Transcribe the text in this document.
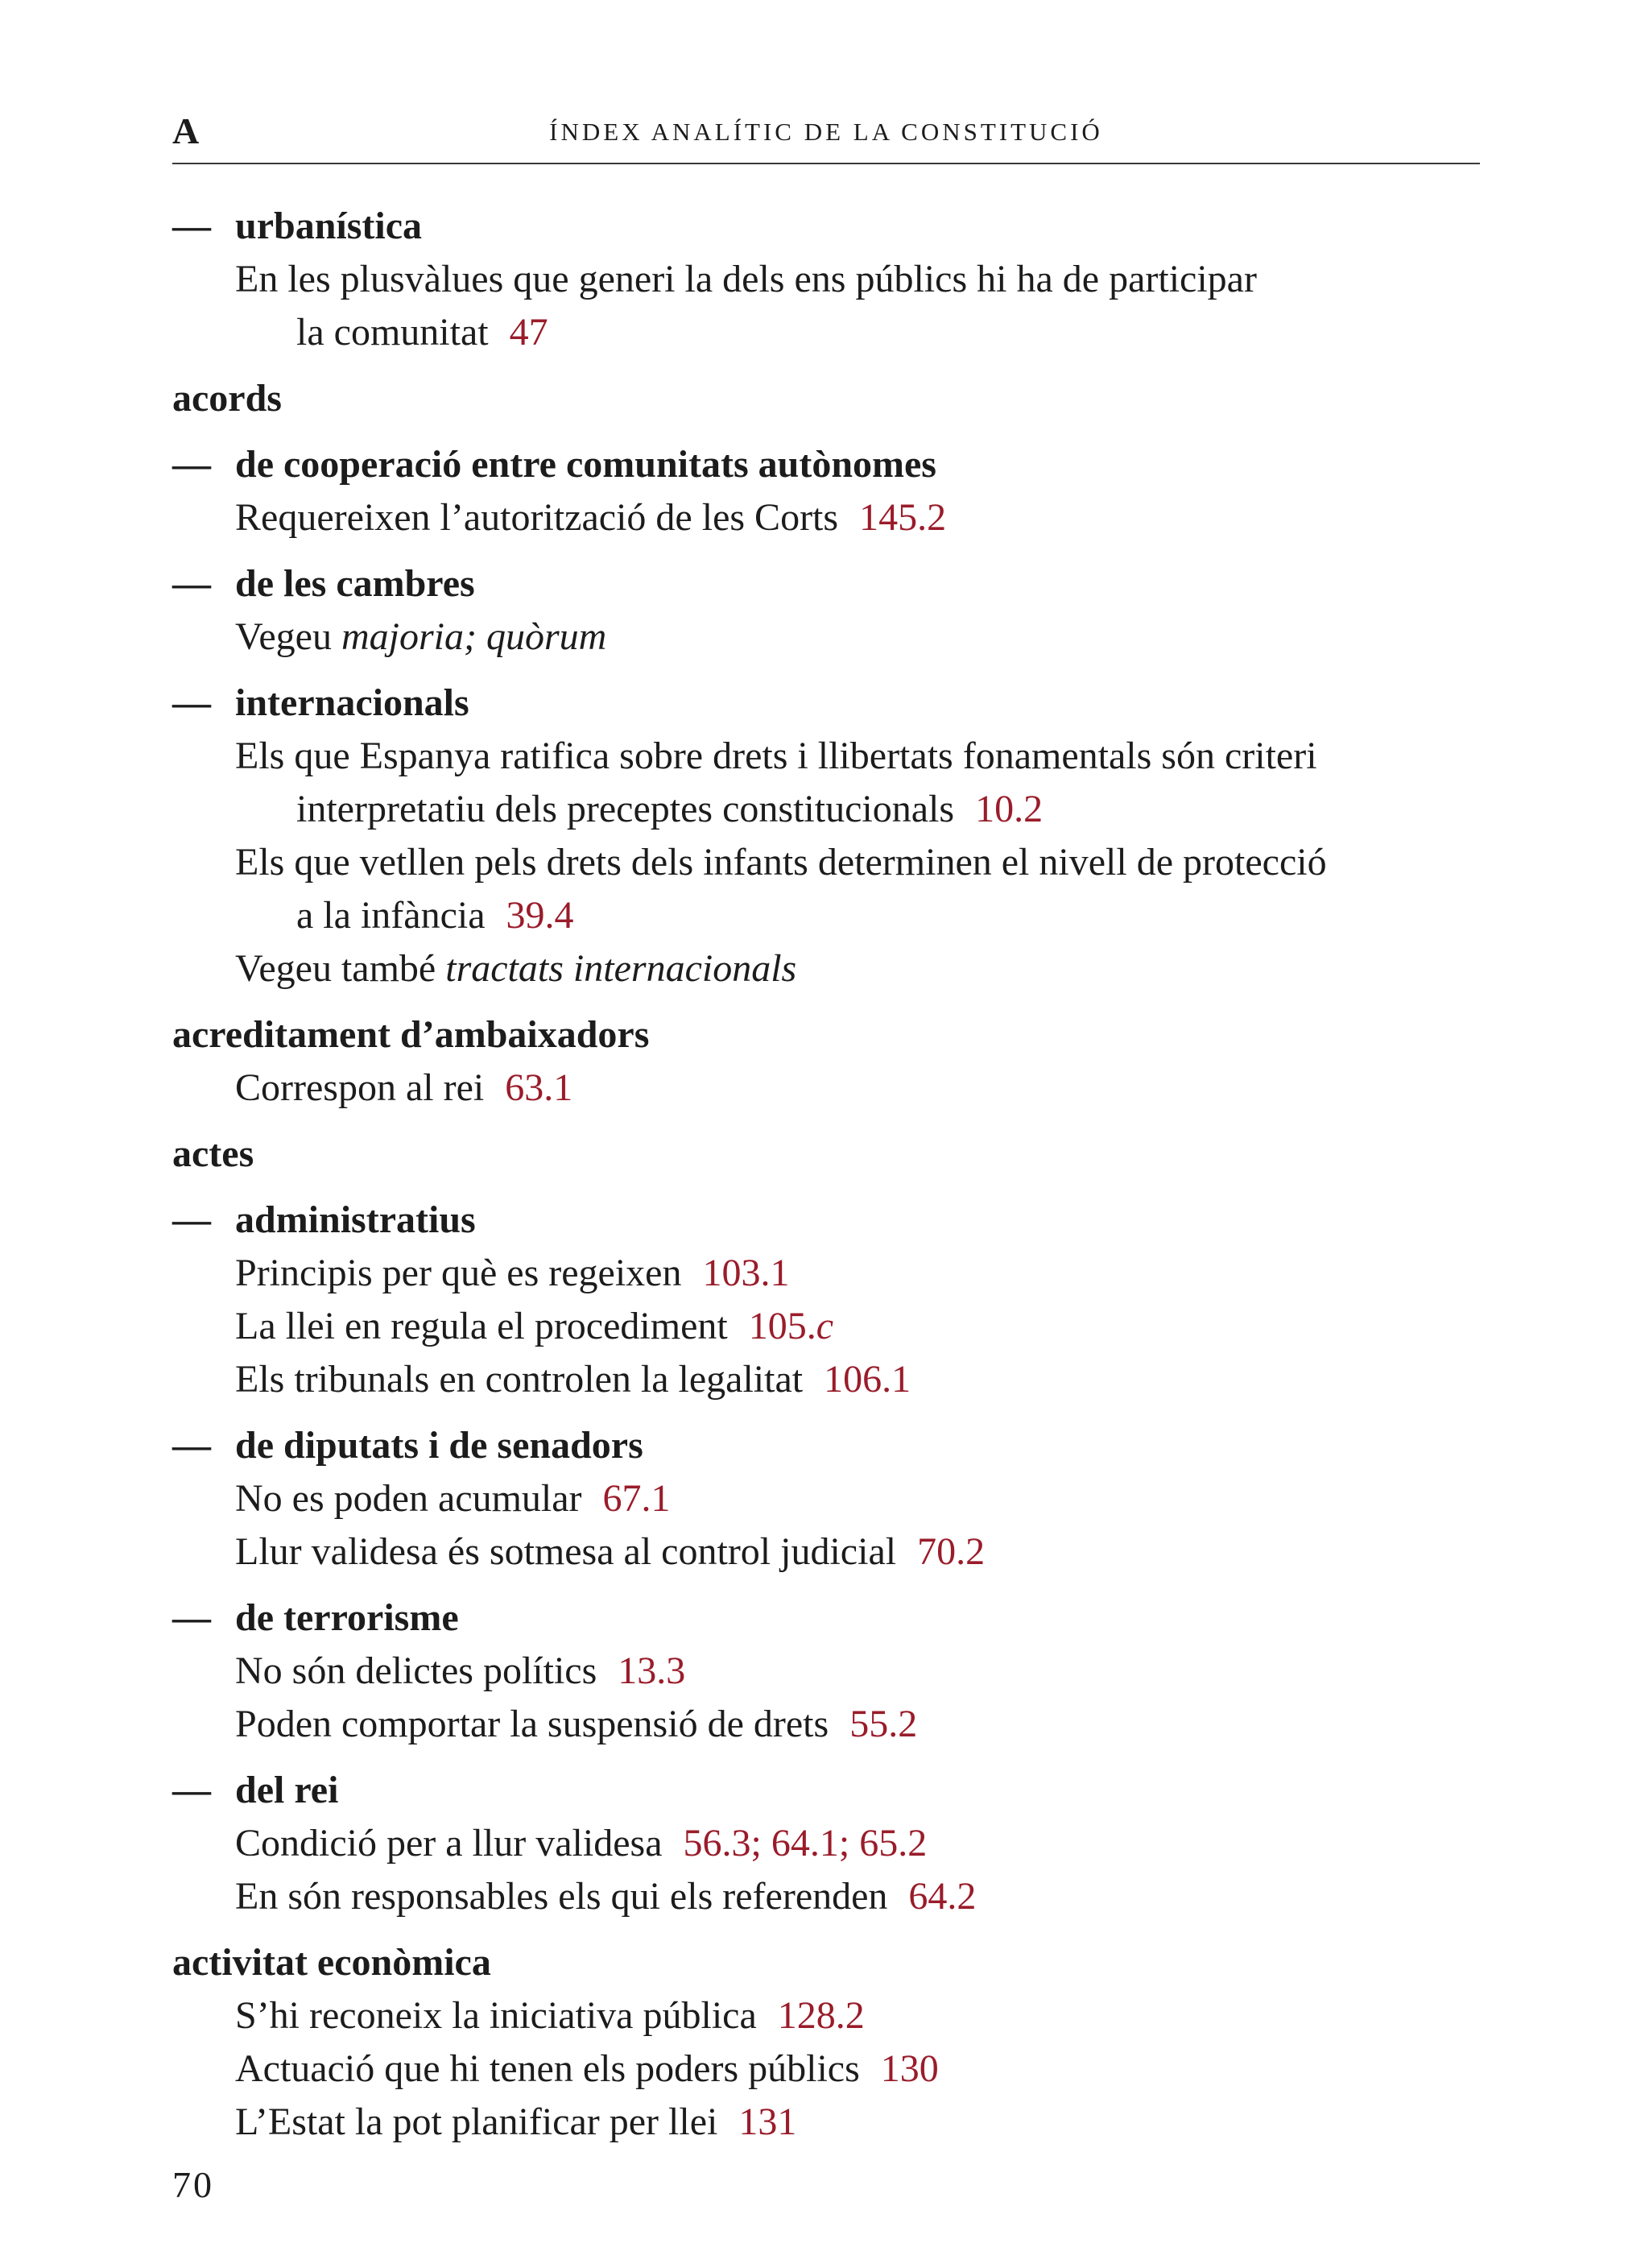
A	ÍNDEX ANALÍTIC DE LA CONSTITUCIÓ
— urbanística
En les plusvàlues que generi la dels ens públics hi ha de participar
la comunitat 47
acords
— de cooperació entre comunitats autònomes
Requereixen l’autorització de les Corts 145.2
— de les cambres
Vegeu majoria; quòrum
— internacionals
Els que Espanya ratifica sobre drets i llibertats fonamentals són criteri
interpretatiu dels preceptes constitucionals 10.2
Els que vetllen pels drets dels infants determinen el nivell de protecció
a la infància 39.4
Vegeu també tractats internacionals
acreditament d’ambaixadors
Correspon al rei 63.1
actes
— administratius
Principis per què es regeixen 103.1
La llei en regula el procediment 105.c
Els tribunals en controlen la legalitat 106.1
— de diputats i de senadors
No es poden acumular 67.1
Llur validesa és sotmesa al control judicial 70.2
— de terrorisme
No són delictes polítics 13.3
Poden comportar la suspensió de drets 55.2
— del rei
Condició per a llur validesa 56.3; 64.1; 65.2
En són responsables els qui els referenden 64.2
activitat econòmica
S’hi reconeix la iniciativa pública 128.2
Actuació que hi tenen els poders públics 130
L’Estat la pot planificar per llei 131
70
